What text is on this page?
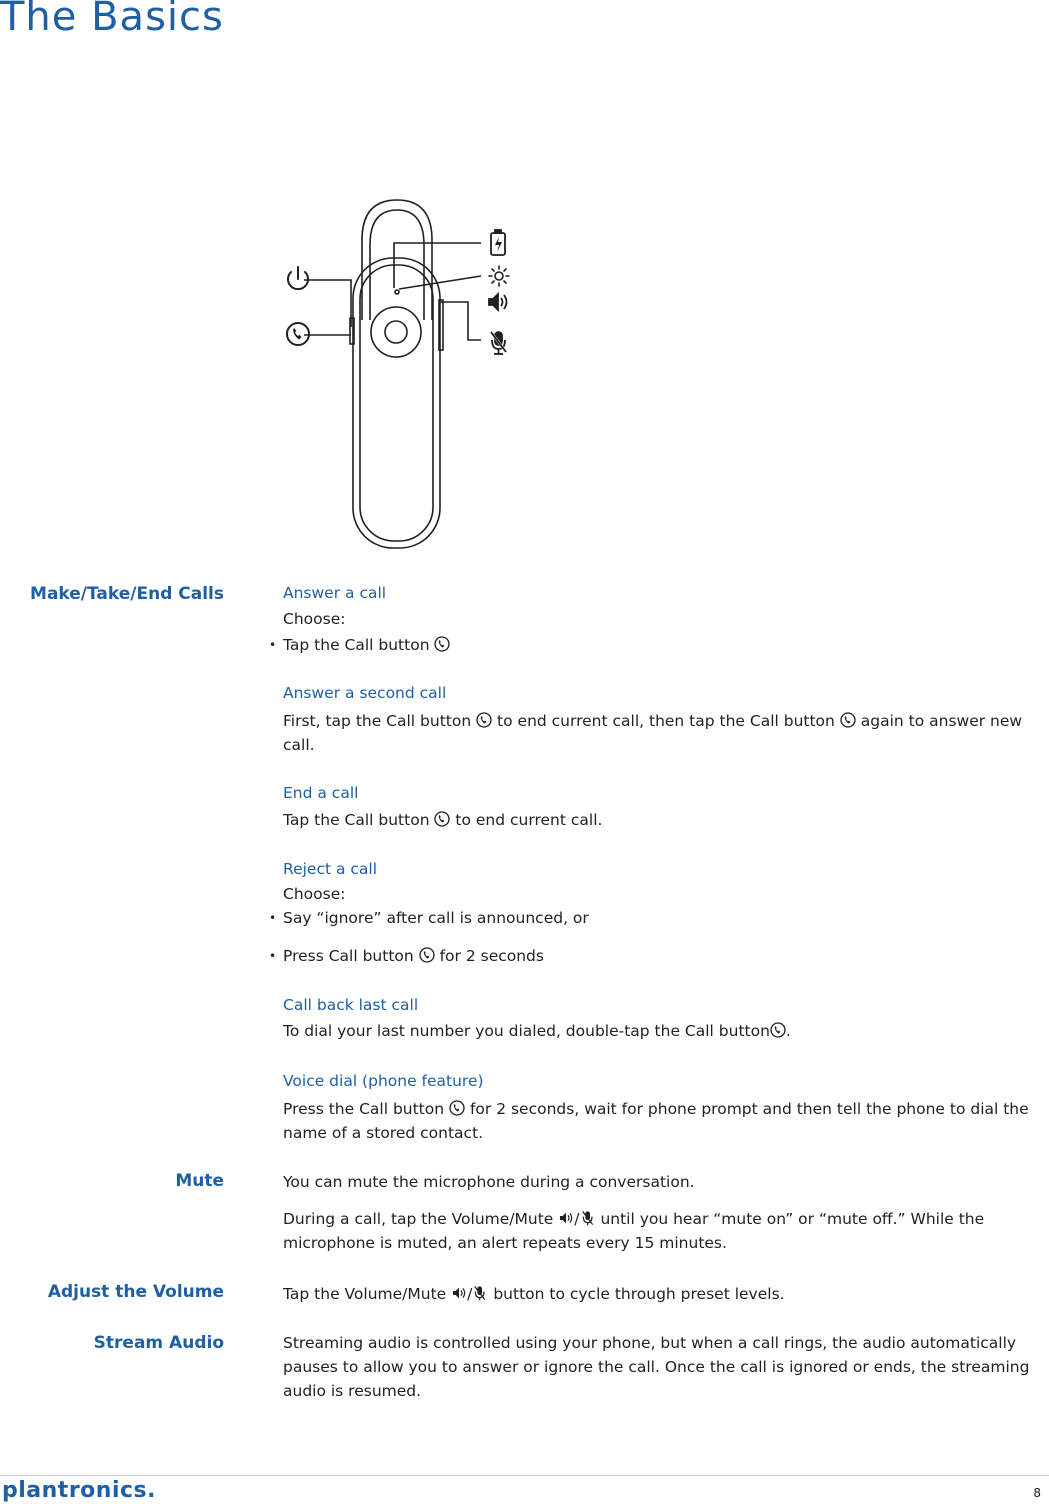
The Basics
Make/Take/End Calls	Answer a call
Choose:
• Tap the Call button
Answer a second call
First, tap the Call button to end current call, then tap the Call button again to answer new call.
End a call
Tap the Call button to end current call.
Reject a call
Choose:
• Say “ignore” after call is announced, or
• Press Call button for 2 seconds
Call back last call
To dial your last number you dialed, double-tap the Call button .
Voice dial (phone feature)
Press the Call button for 2 seconds, wait for phone prompt and then tell the phone to dial the name of a stored contact.
Mute	You can mute the microphone during a conversation.
During a call, tap the Volume/Mute / until you hear “mute on” or “mute off.” While the microphone is muted, an alert repeats every 15 minutes.
Adjust the Volume	Tap the Volume/Mute / button to cycle through preset levels.
Stream Audio	Streaming audio is controlled using your phone, but when a call rings, the audio automatically pauses to allow you to answer or ignore the call. Once the call is ignored or ends, the streaming audio is resumed.
plantronics.	8
